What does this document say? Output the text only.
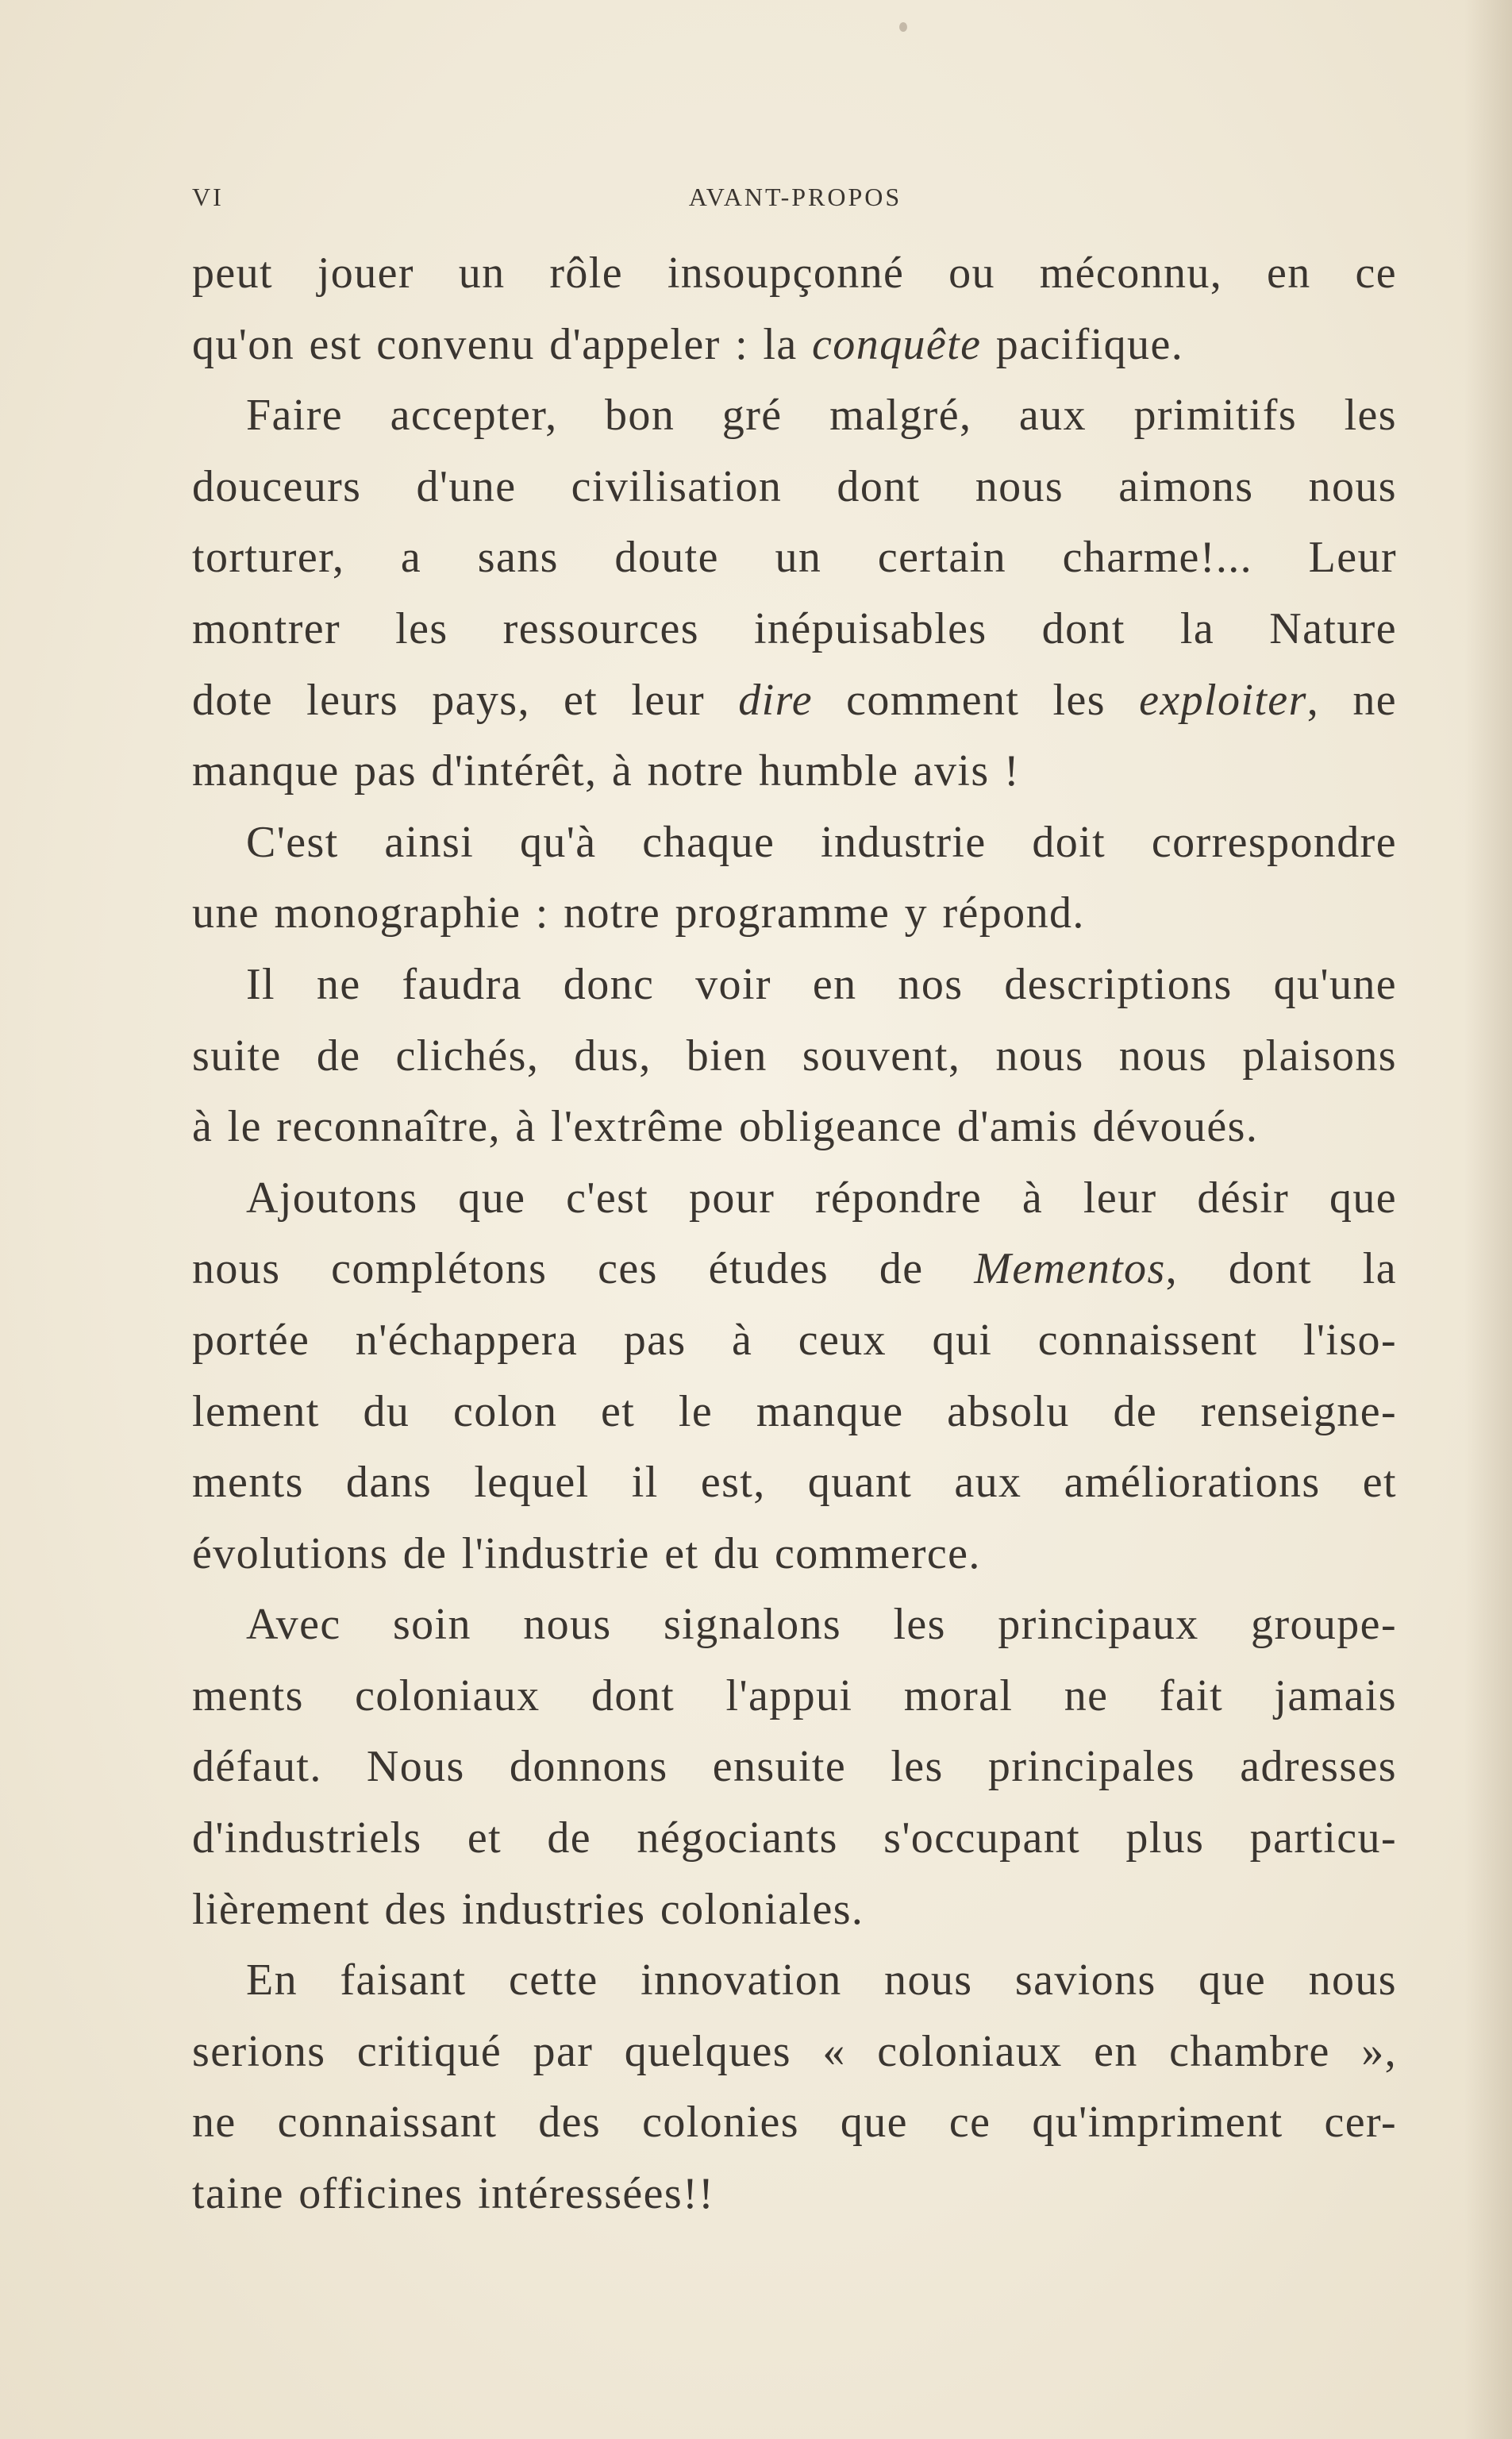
VI	AVANT-PROPOS

peut jouer un rôle insoupçonné ou méconnu, en ce
qu'on est convenu d'appeler : la conquête pacifique.

Faire accepter, bon gré malgré, aux primitifs les
douceurs d'une civilisation dont nous aimons nous
torturer, a sans doute un certain charme!... Leur
montrer les ressources inépuisables dont la Nature
dote leurs pays, et leur dire comment les exploiter, ne
manque pas d'intérêt, à notre humble avis !

C'est ainsi qu'à chaque industrie doit correspondre
une monographie : notre programme y répond.

Il ne faudra donc voir en nos descriptions qu'une
suite de clichés, dus, bien souvent, nous nous plaisons
à le reconnaître, à l'extrême obligeance d'amis dévoués.

Ajoutons que c'est pour répondre à leur désir que
nous complétons ces études de Mementos, dont la
portée n'échappera pas à ceux qui connaissent l'iso-
lement du colon et le manque absolu de renseigne-
ments dans lequel il est, quant aux améliorations et
évolutions de l'industrie et du commerce.

Avec soin nous signalons les principaux groupe-
ments coloniaux dont l'appui moral ne fait jamais
défaut. Nous donnons ensuite les principales adresses
d'industriels et de négociants s'occupant plus particu-
lièrement des industries coloniales.

En faisant cette innovation nous savions que nous
serions critiqué par quelques « coloniaux en chambre »,
ne connaissant des colonies que ce qu'impriment cer-
taine officines intéressées!!
